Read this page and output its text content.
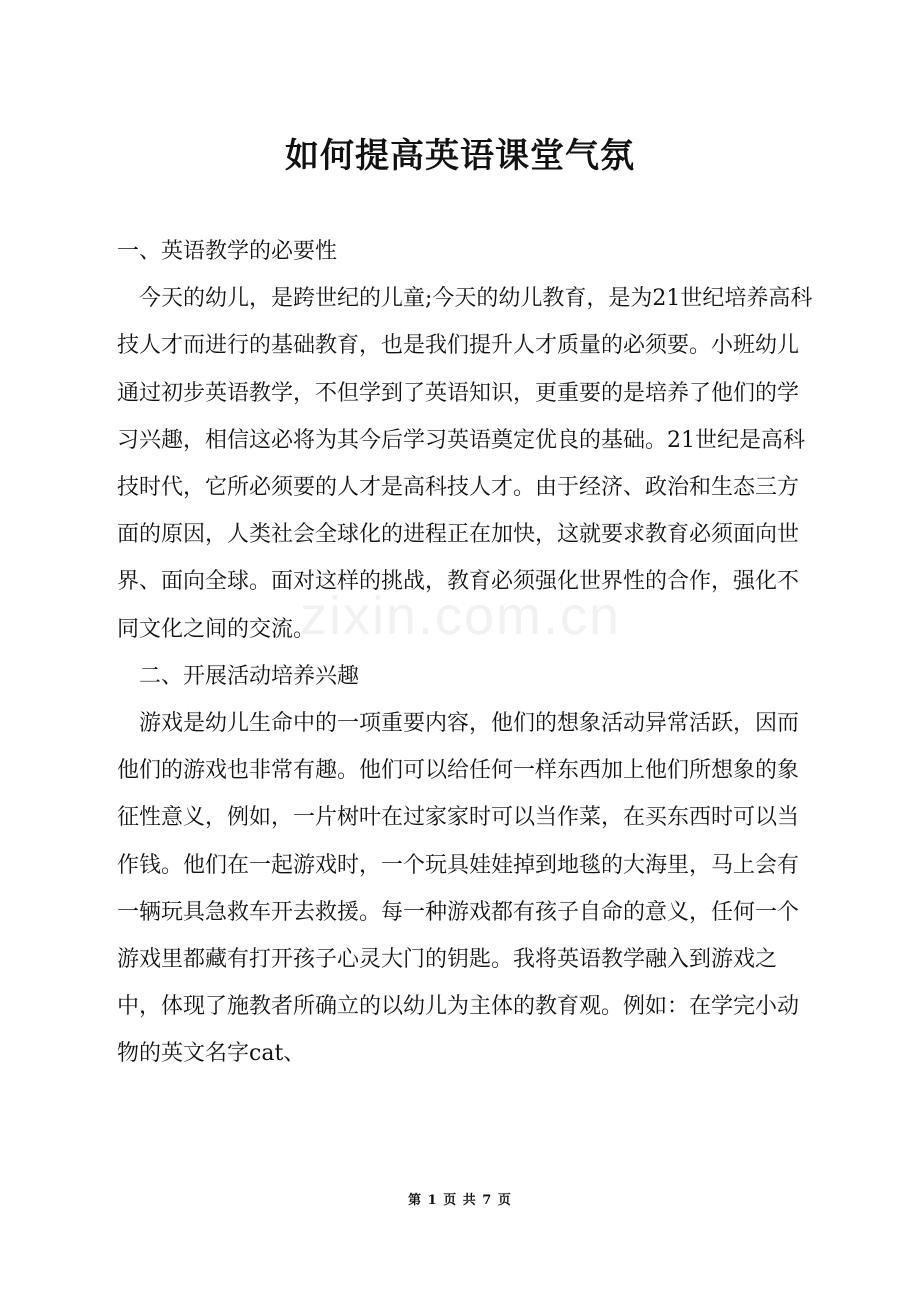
如何提高英语课堂气氛

一、英语教学的必要性

今天的幼儿，是跨世纪的儿童;今天的幼儿教育，是为21世纪培养高科技人才而进行的基础教育，也是我们提升人才质量的必须要。小班幼儿通过初步英语教学，不但学到了英语知识，更重要的是培养了他们的学习兴趣，相信这必将为其今后学习英语奠定优良的基础。21世纪是高科技时代，它所必须要的人才是高科技人才。由于经济、政治和生态三方面的原因，人类社会全球化的进程正在加快，这就要求教育必须面向世界、面向全球。面对这样的挑战，教育必须强化世界性的合作，强化不同文化之间的交流。

二、开展活动培养兴趣

游戏是幼儿生命中的一项重要内容，他们的想象活动异常活跃，因而他们的游戏也非常有趣。他们可以给任何一样东西加上他们所想象的象征性意义，例如，一片树叶在过家家时可以当作菜，在买东西时可以当作钱。他们在一起游戏时，一个玩具娃娃掉到地毯的大海里，马上会有一辆玩具急救车开去救援。每一种游戏都有孩子自命的意义，任何一个游戏里都藏有打开孩子心灵大门的钥匙。我将英语教学融入到游戏之中，体现了施教者所确立的以幼儿为主体的教育观。例如：在学完小动物的英文名字cat、

zixin.com.cn
第 1 页 共 7 页
